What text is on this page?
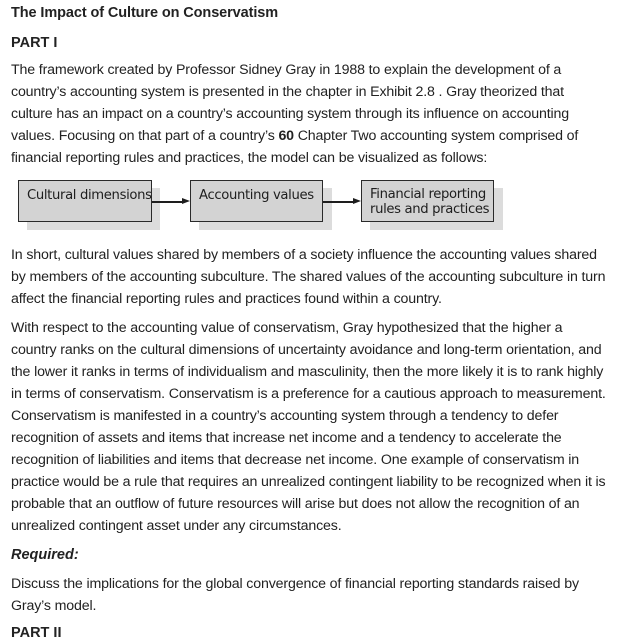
The Impact of Culture on Conservatism
PART I
The framework created by Professor Sidney Gray in 1988 to explain the development of a
country’s accounting system is presented in the chapter in Exhibit 2.8 . Gray theorized that
culture has an impact on a country’s accounting system through its influence on accounting
values. Focusing on that part of a country’s 60 Chapter Two accounting system comprised of
financial reporting rules and practices, the model can be visualized as follows:
PART II
Cultural dimensions	Accounting values	Financial reporting
rules and practices
In short, cultural values shared by members of a society influence the accounting values shared
by members of the accounting subculture. The shared values of the accounting subculture in turn
affect the financial reporting rules and practices found within a country.
With respect to the accounting value of conservatism, Gray hypothesized that the higher a
country ranks on the cultural dimensions of uncertainty avoidance and long-term orientation, and
the lower it ranks in terms of individualism and masculinity, then the more likely it is to rank highly
in terms of conservatism. Conservatism is a preference for a cautious approach to measurement.
Conservatism is manifested in a country’s accounting system through a tendency to defer
recognition of assets and items that increase net income and a tendency to accelerate the
recognition of liabilities and items that decrease net income. One example of conservatism in
practice would be a rule that requires an unrealized contingent liability to be recognized when it is
probable that an outflow of future resources will arise but does not allow the recognition of an
unrealized contingent asset under any circumstances.
Required:
Discuss the implications for the global convergence of financial reporting standards raised by
Gray’s model.
